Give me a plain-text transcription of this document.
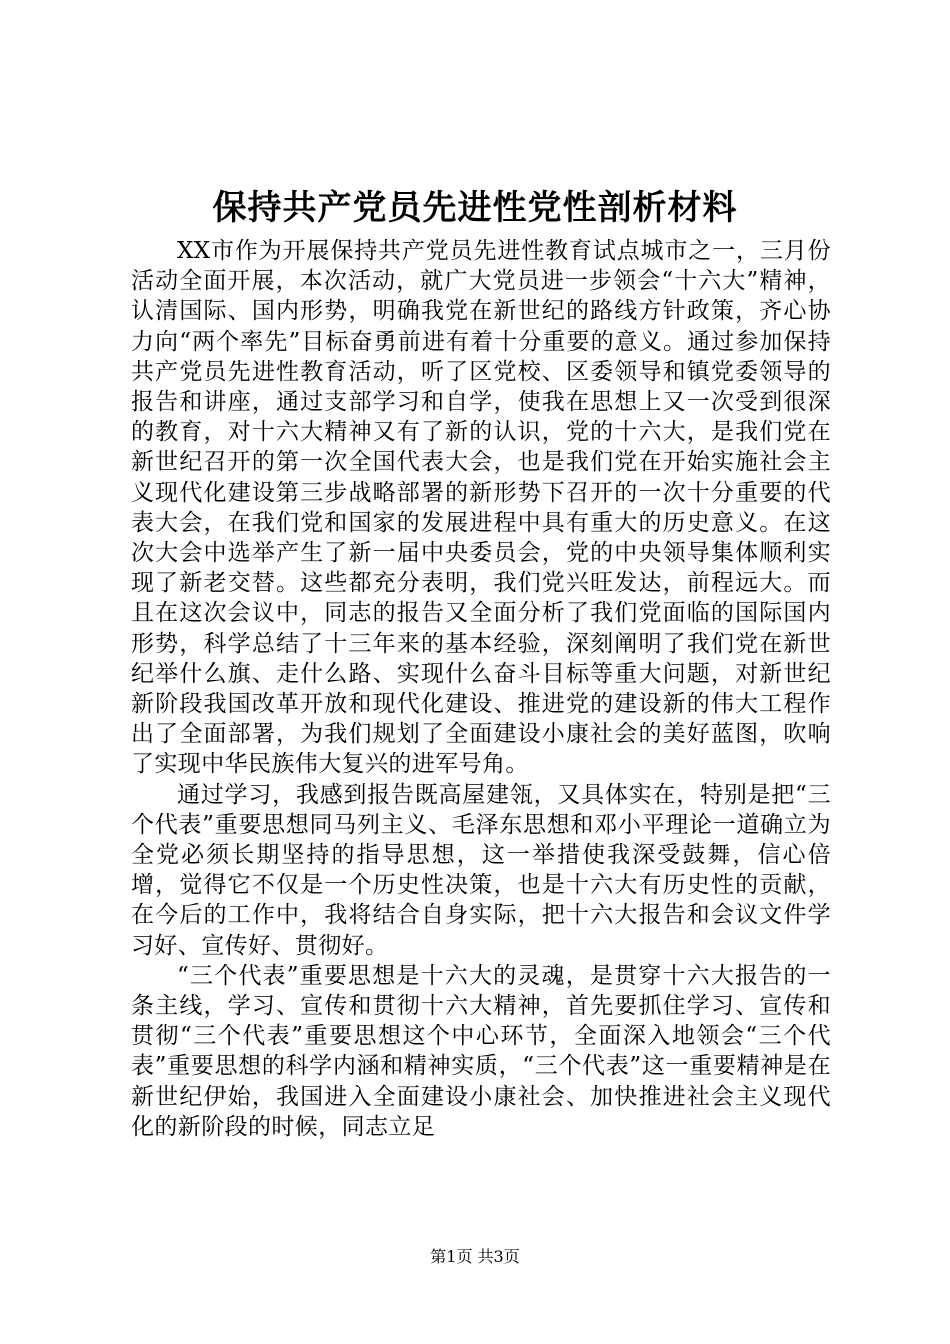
保持共产党员先进性党性剖析材料

XX市作为开展保持共产党员先进性教育试点城市之一，三月份活动全面开展，本次活动，就广大党员进一步领会“十六大”精神，认清国际、国内形势，明确我党在新世纪的路线方针政策，齐心协力向“两个率先”目标奋勇前进有着十分重要的意义。通过参加保持共产党员先进性教育活动，听了区党校、区委领导和镇党委领导的报告和讲座，通过支部学习和自学，使我在思想上又一次受到很深的教育，对十六大精神又有了新的认识，党的十六大，是我们党在新世纪召开的第一次全国代表大会，也是我们党在开始实施社会主义现代化建设第三步战略部署的新形势下召开的一次十分重要的代表大会，在我们党和国家的发展进程中具有重大的历史意义。在这次大会中选举产生了新一届中央委员会，党的中央领导集体顺利实现了新老交替。这些都充分表明，我们党兴旺发达，前程远大。而且在这次会议中，同志的报告又全面分析了我们党面临的国际国内形势，科学总结了十三年来的基本经验，深刻阐明了我们党在新世纪举什么旗、走什么路、实现什么奋斗目标等重大问题，对新世纪新阶段我国改革开放和现代化建设、推进党的建设新的伟大工程作出了全面部署，为我们规划了全面建设小康社会的美好蓝图，吹响了实现中华民族伟大复兴的进军号角。

通过学习，我感到报告既高屋建瓴，又具体实在，特别是把“三个代表”重要思想同马列主义、毛泽东思想和邓小平理论一道确立为全党必须长期坚持的指导思想，这一举措使我深受鼓舞，信心倍增，觉得它不仅是一个历史性决策，也是十六大有历史性的贡献，在今后的工作中，我将结合自身实际，把十六大报告和会议文件学习好、宣传好、贯彻好。

“三个代表”重要思想是十六大的灵魂，是贯穿十六大报告的一条主线，学习、宣传和贯彻十六大精神，首先要抓住学习、宣传和贯彻“三个代表”重要思想这个中心环节，全面深入地领会“三个代表”重要思想的科学内涵和精神实质，“三个代表”这一重要精神是在新世纪伊始，我国进入全面建设小康社会、加快推进社会主义现代化的新阶段的时候，同志立足

第1页 共3页
